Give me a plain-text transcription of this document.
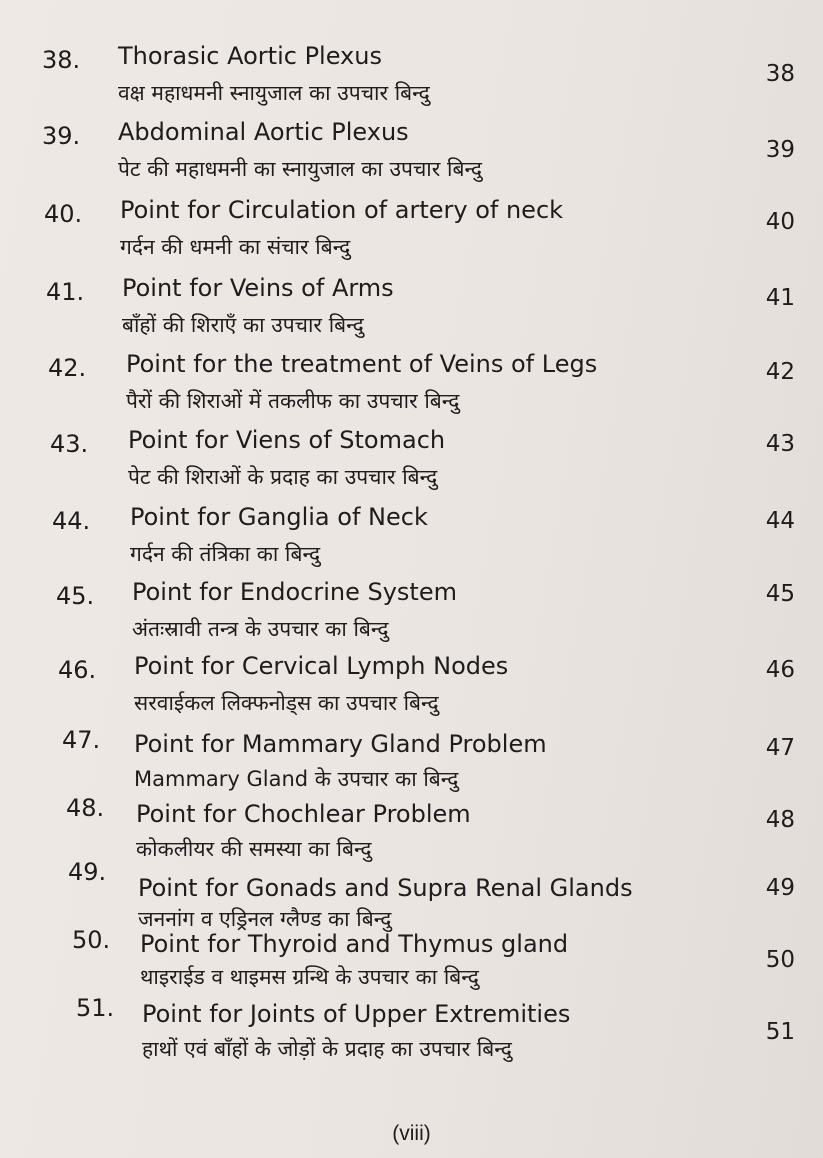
38. Thorasic Aortic Plexus
वक्ष महाधमनी स्नायुजाल का उपचार बिन्दु
38
39. Abdominal Aortic Plexus
पेट की महाधमनी का स्नायुजाल का उपचार बिन्दु
39
40. Point for Circulation of artery of neck
गर्दन की धमनी का संचार बिन्दु
40
41. Point for Veins of Arms
बाँहों की शिराएँ का उपचार बिन्दु
41
42. Point for the treatment of Veins of Legs
पैरों की शिराओं में तकलीफ का उपचार बिन्दु
42
43. Point for Viens of Stomach
पेट की शिराओं के प्रदाह का उपचार बिन्दु
43
44. Point for Ganglia of Neck
गर्दन की तंत्रिका का बिन्दु
44
45. Point for Endocrine System
अंतःस्रावी तन्त्र के उपचार का बिन्दु
45
46. Point for Cervical Lymph Nodes
सरवाईकल लिक्फनोड्स का उपचार बिन्दु
46
47. Point for Mammary Gland Problem
Mammary Gland के उपचार का बिन्दु
47
48. Point for Chochlear Problem
कोकलीयर की समस्या का बिन्दु
48
49.
Point for Gonads and Supra Renal Glands
जननांग व एड्रिनल ग्लैण्ड का बिन्दु
49
50. Point for Thyroid and Thymus gland
थाइराईड व थाइमस ग्रन्थि के उपचार का बिन्दु
50
51. Point for Joints of Upper Extremities
हाथों एवं बाँहों के जोड़ों के प्रदाह का उपचार बिन्दु
51
(viii)
